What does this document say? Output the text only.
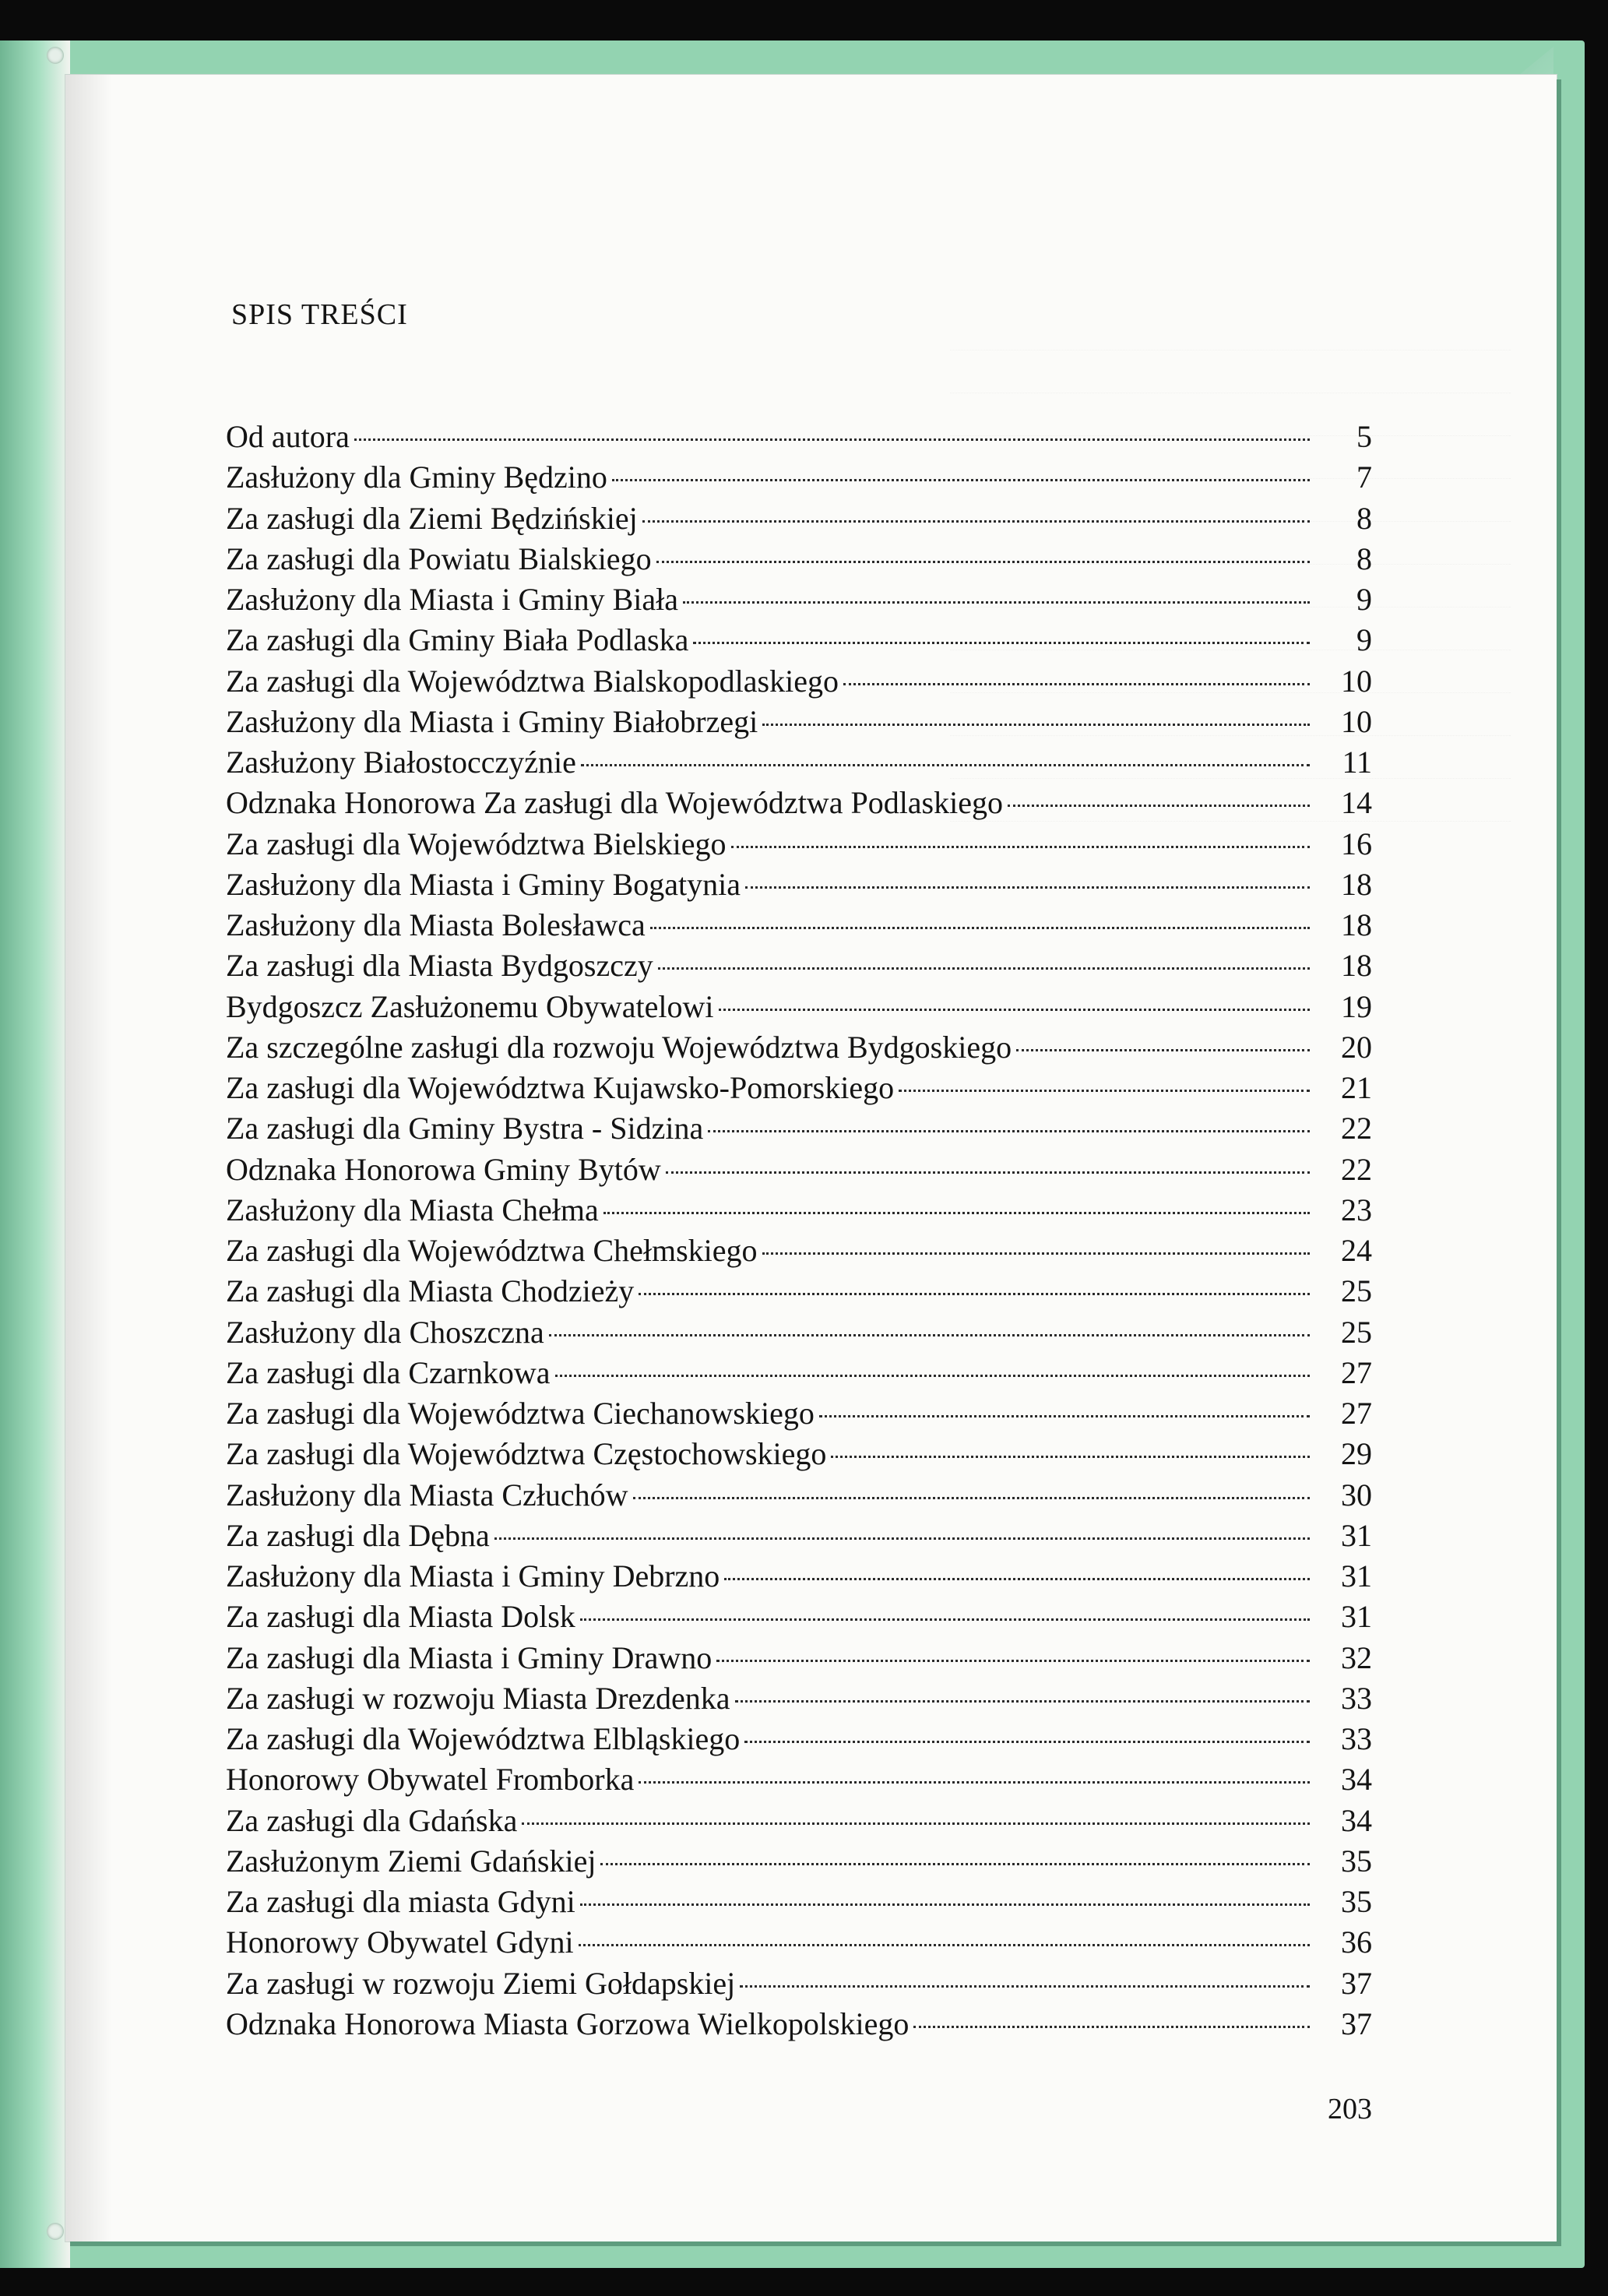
SPIS TREŚCI
Od autora	5
Zasłużony dla Gminy Będzino	7
Za zasługi dla Ziemi Będzińskiej	8
Za zasługi dla Powiatu Bialskiego	8
Zasłużony dla Miasta i Gminy Biała	9
Za zasługi dla Gminy Biała Podlaska	9
Za zasługi dla Województwa Bialskopodlaskiego	10
Zasłużony dla Miasta i Gminy Białobrzegi	10
Zasłużony Białostocczyźnie	11
Odznaka Honorowa Za zasługi dla Województwa Podlaskiego	14
Za zasługi dla Województwa Bielskiego	16
Zasłużony dla Miasta i Gminy Bogatynia	18
Zasłużony dla Miasta Bolesławca	18
Za zasługi dla Miasta Bydgoszczy	18
Bydgoszcz Zasłużonemu Obywatelowi	19
Za szczególne zasługi dla rozwoju Województwa Bydgoskiego	20
Za zasługi dla Województwa Kujawsko-Pomorskiego	21
Za zasługi dla Gminy Bystra - Sidzina	22
Odznaka Honorowa Gminy Bytów	22
Zasłużony dla Miasta Chełma	23
Za zasługi dla Województwa Chełmskiego	24
Za zasługi dla Miasta Chodzieży	25
Zasłużony dla Choszczna	25
Za zasługi dla Czarnkowa	27
Za zasługi dla Województwa Ciechanowskiego	27
Za zasługi dla Województwa Częstochowskiego	29
Zasłużony dla Miasta Człuchów	30
Za zasługi dla Dębna	31
Zasłużony dla Miasta i Gminy Debrzno	31
Za zasługi dla Miasta Dolsk	31
Za zasługi dla Miasta i Gminy Drawno	32
Za zasługi w rozwoju Miasta Drezdenka	33
Za zasługi dla Województwa Elbląskiego	33
Honorowy Obywatel Fromborka	34
Za zasługi dla Gdańska	34
Zasłużonym Ziemi Gdańskiej	35
Za zasługi dla miasta Gdyni	35
Honorowy Obywatel Gdyni	36
Za zasługi w rozwoju Ziemi Gołdapskiej	37
Odznaka Honorowa Miasta Gorzowa Wielkopolskiego	37
203
